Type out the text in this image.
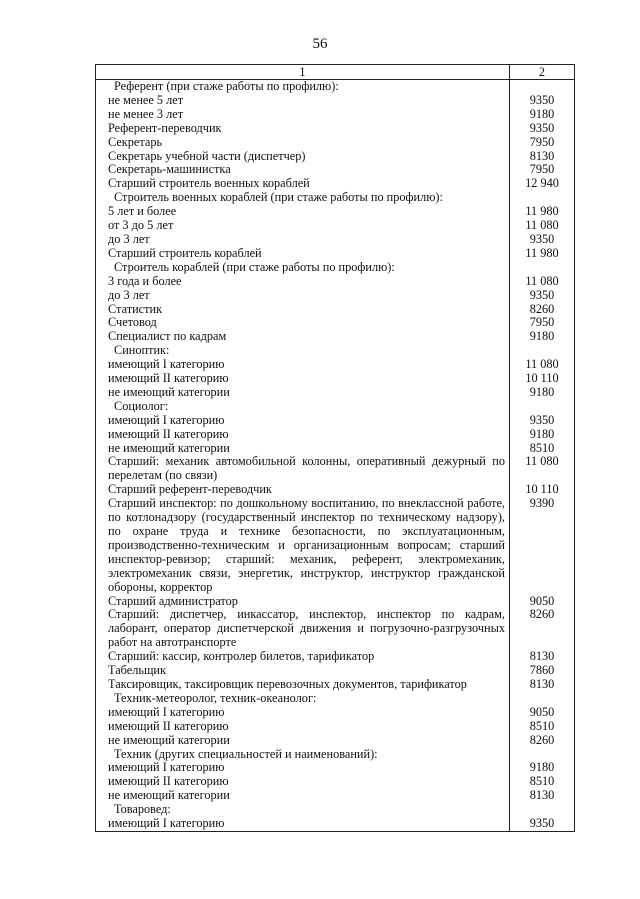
56
1	2
Референт (при стаже работы по профилю):	
не менее 5 лет	9350
не менее 3 лет	9180
Референт-переводчик	9350
Секретарь	7950
Секретарь учебной части (диспетчер)	8130
Секретарь-машинистка	7950
Старший строитель военных кораблей	12 940
Строитель военных кораблей (при стаже работы по профилю):	
5 лет и более	11 980
от 3 до 5 лет	11 080
до 3 лет	9350
Старший строитель кораблей	11 980
Строитель кораблей (при стаже работы по профилю):	
3 года и более	11 080
до 3 лет	9350
Статистик	8260
Счетовод	7950
Специалист по кадрам	9180
Синоптик:	
имеющий I категорию	11 080
имеющий II категорию	10 110
не имеющий категории	9180
Социолог:	
имеющий I категорию	9350
имеющий II категорию	9180
не имеющий категории	8510
Старший: механик автомобильной колонны, оперативный дежурный по перелетам (по связи)	11 080
Старший референт-переводчик	10 110
Старший инспектор: по дошкольному воспитанию, по внеклассной работе, по котлонадзору (государственный инспектор по техническому надзору), по охране труда и технике безопасности, по эксплуатационным, производственно-техническим и организационным вопросам; старший инспектор-ревизор; старший: механик, референт, электромеханик, электромеханик связи, энергетик, инструктор, инструктор гражданской обороны, корректор	9390
Старший администратор	9050
Старший: диспетчер, инкассатор, инспектор, инспектор по кадрам, лаборант, оператор диспетчерской движения и погрузочно-разгрузочных работ на автотранспорте	8260
Старший: кассир, контролер билетов, тарификатор	8130
Табельщик	7860
Таксировщик, таксировщик перевозочных документов, тарификатор	8130
Техник-метеоролог, техник-океанолог:	
имеющий I категорию	9050
имеющий II категорию	8510
не имеющий категории	8260
Техник (других специальностей и наименований):	
имеющий I категорию	9180
имеющий II категорию	8510
не имеющий категории	8130
Товаровед:	
имеющий I категорию	9350
